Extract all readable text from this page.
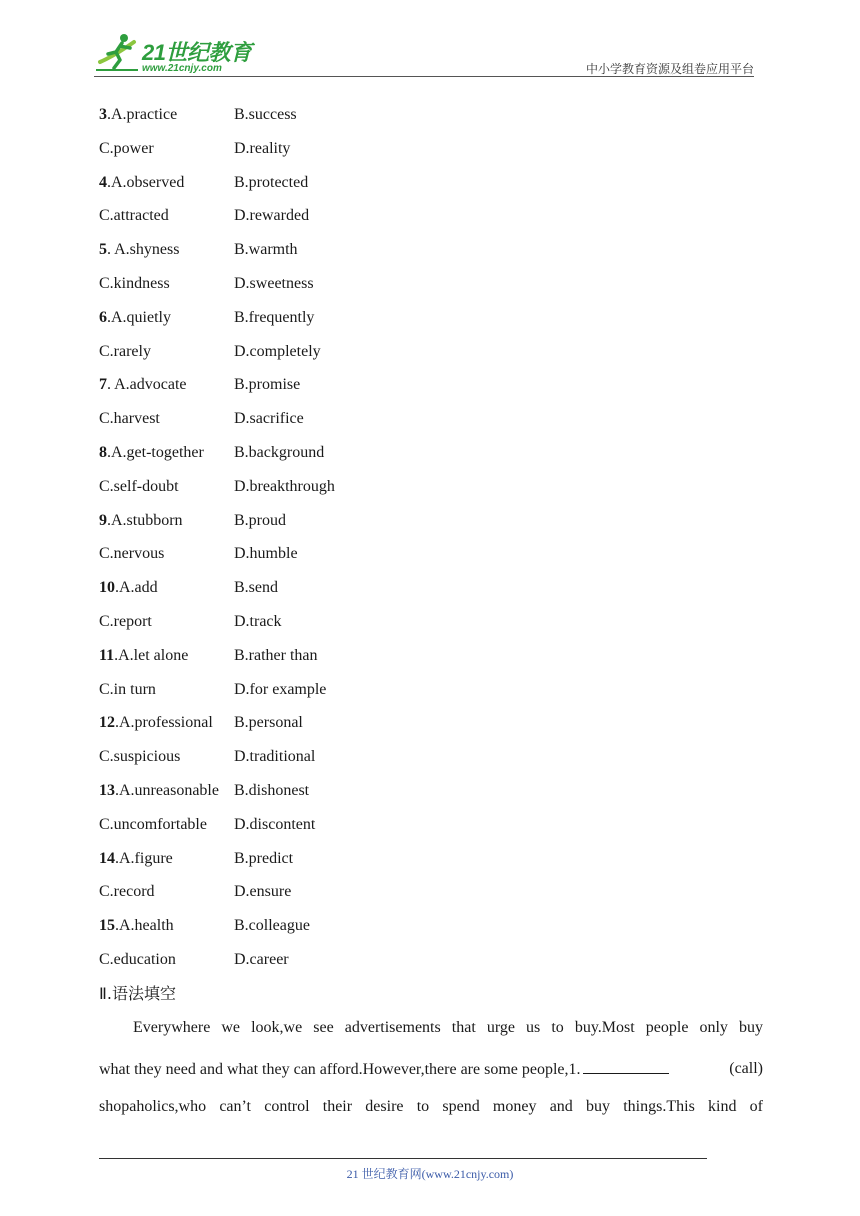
21世纪教育
www.21cnjy.com	中小学教育资源及组卷应用平台
3.A.practice	B.success
C.power	D.reality
4.A.observed	B.protected
C.attracted	D.rewarded
5. A.shyness	B.warmth
C.kindness	D.sweetness
6.A.quietly	B.frequently
C.rarely	D.completely
7. A.advocate	B.promise
C.harvest	D.sacrifice
8.A.get-together B.background
C.self-doubt	D.breakthrough
9.A.stubborn	B.proud
C.nervous	D.humble
10.A.add	B.send
C.report	D.track
11.A.let alone	B.rather than
C.in turn	D.for example
12.A.professional B.personal
C.suspicious	D.traditional
13.A.unreasonable B.dishonest
C.uncomfortable D.discontent
14.A.figure	B.predict
C.record	D.ensure
15.A.health	B.colleague
C.education	D.career
Ⅱ.语法填空
Everywhere we look,we see advertisements that urge us to buy.Most people only buy
what they need and what they can afford.However,there are some people,1.	(call)
shopaholics,who can’t control their desire to spend money and buy things.This kind of
21 世纪教育网(www.21cnjy.com)
